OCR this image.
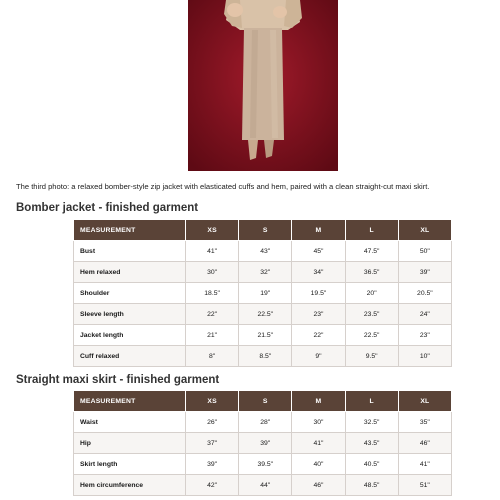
The third photo: a relaxed bomber-style zip jacket with elasticated cuffs and hem, paired with a clean straight-cut maxi skirt.
Bomber jacket - finished garment
MEASUREMENT	XS	S	M	L	XL
Bust	41"	43"	45"	47.5"	50"
Hem relaxed	30"	32"	34"	36.5"	39"
Shoulder	18.5"	19"	19.5"	20"	20.5"
Sleeve length	22"	22.5"	23"	23.5"	24"
Jacket length	21"	21.5"	22"	22.5"	23"
Cuff relaxed	8"	8.5"	9"	9.5"	10"
Straight maxi skirt - finished garment
MEASUREMENT	XS	S	M	L	XL
Waist	26"	28"	30"	32.5"	35"
Hip	37"	39"	41"	43.5"	46"
Skirt length	39"	39.5"	40"	40.5"	41"
Hem circumference	42"	44"	46"	48.5"	51"
